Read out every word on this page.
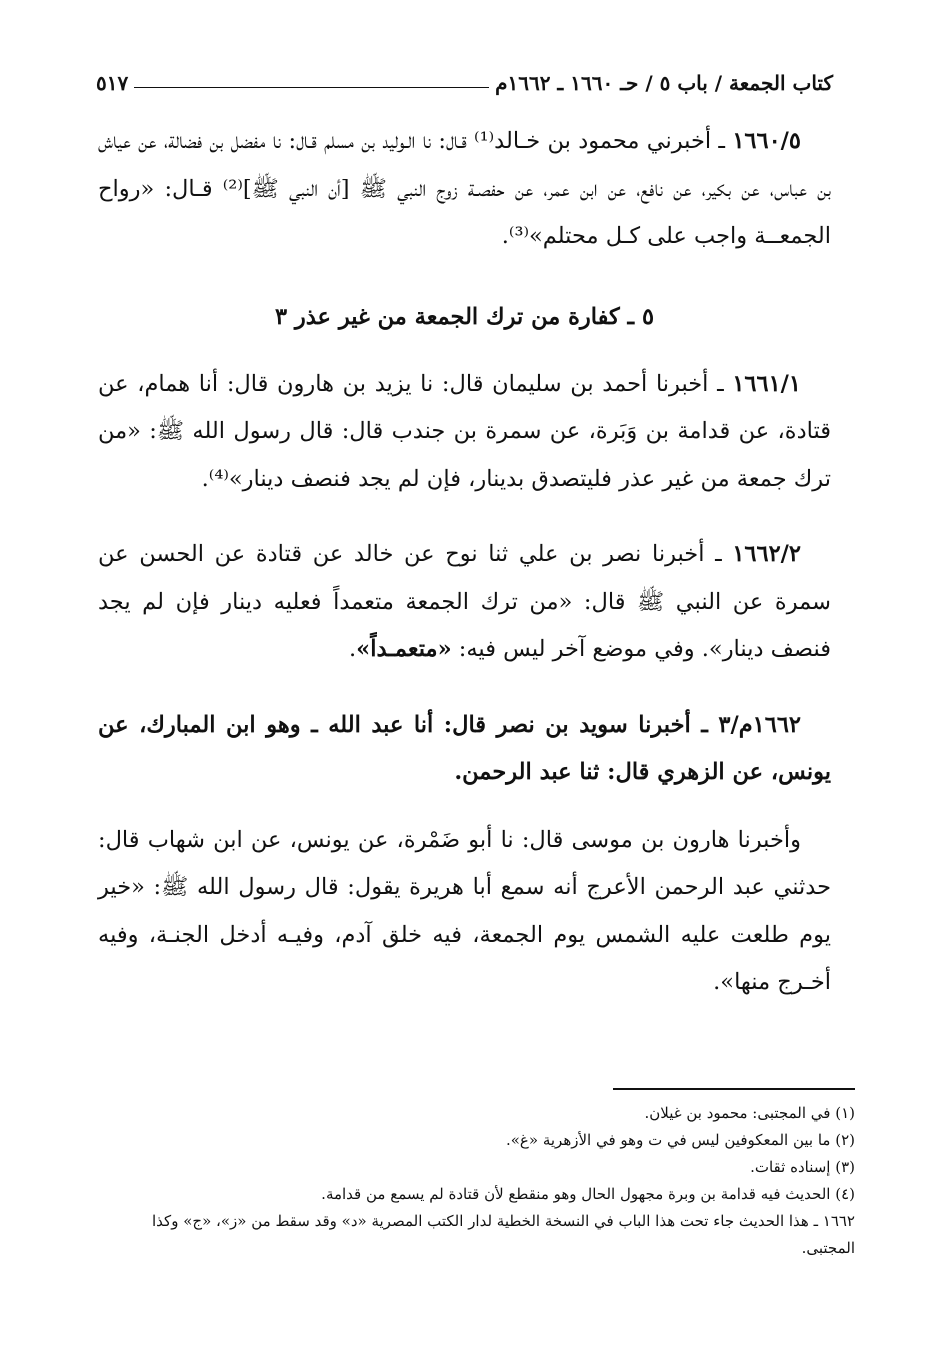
كتاب الجمعة / باب ٥ / حـ ١٦٦٠ ـ ١٦٦٢م
٥١٧

١٦٦٠/٥ ـ أخبرني محمود بن خـالد⁽¹⁾ قـال: نا الـوليد بن مسلم قـال: نا مفضل بن فضالة، عن عياش بن عباس، عن بكير، عن نافع، عن ابن عمر، عن حفصـة زوج النبي ﷺ [أن النبي ﷺ]⁽²⁾ قـال: «رواح الجمعــة واجب على كـل محتلم»⁽³⁾.

٥ ـ كفارة من ترك الجمعة من غير عذر ٣

١٦٦١/١ ـ أخبرنا أحمد بن سليمان قال: نا يزيد بن هارون قال: أنا همام، عن قتادة، عن قدامة بن وَبَرة، عن سمرة بن جندب قال: قال رسول الله ﷺ: «من ترك جمعة من غير عذر فليتصدق بدينار، فإن لم يجد فنصف دينار»⁽⁴⁾.

١٦٦٢/٢ ـ أخبرنا نصر بن علي ثنا نوح عن خالد عن قتادة عن الحسن عن سمرة عن النبي ﷺ قال: «من ترك الجمعة متعمداً فعليه دينار فإن لم يجد فنصف دينار». وفي موضع آخر ليس فيه: «متعمـداً».

١٦٦٢م/٣ ـ أخبرنا سويد بن نصر قال: أنا عبد الله ـ وهو ابن المبارك، عن يونس، عن الزهري قال: ثنا عبد الرحمن.

وأخبرنا هارون بن موسى قال: نا أبو ضَمْرة، عن يونس، عن ابن شهاب قال: حدثني عبد الرحمن الأعرج أنه سمع أبا هريرة يقول: قال رسول الله ﷺ: «خير يوم طلعت عليه الشمس يوم الجمعة، فيه خلق آدم، وفيـه أدخل الجنـة، وفيه أخـرج منها».

(١) في المجتبى: محمود بن غيلان.
(٢) ما بين المعكوفين ليس في ت وهو في الأزهرية «غ».
(٣) إسناده ثقات.
(٤) الحديث فيه قدامة بن وبرة مجهول الحال وهو منقطع لأن قتادة لم يسمع من قدامة.
١٦٦٢ ـ هذا الحديث جاء تحت هذا الباب في النسخة الخطية لدار الكتب المصرية «د» وقد سقط من «ز»، «ج» وكذا المجتبى.
